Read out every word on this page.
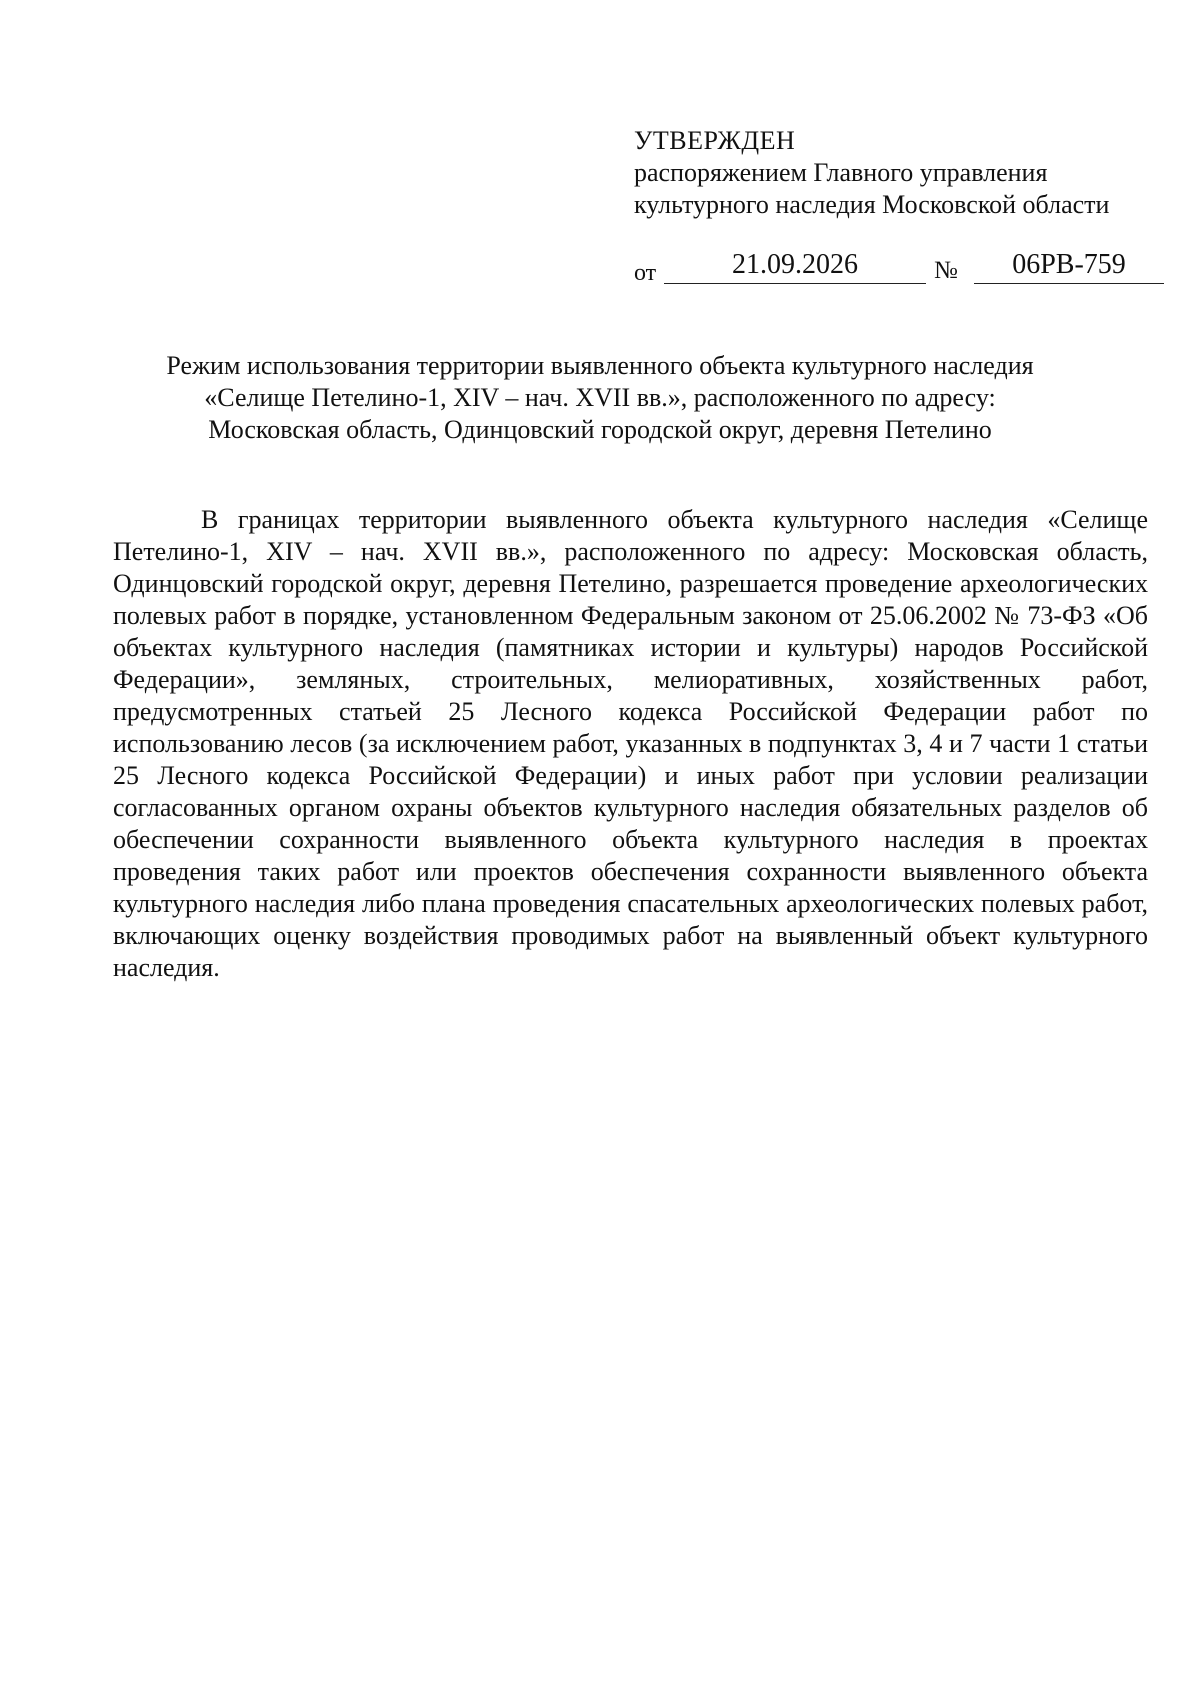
УТВЕРЖДЕН
распоряжением Главного управления
культурного наследия Московской области
от	21.09.2026	№	06РВ-759
Режим использования территории выявленного объекта культурного наследия
«Селище Петелино-1, XIV – нач. XVII вв.», расположенного по адресу:
Московская область, Одинцовский городской округ, деревня Петелино

В границах территории выявленного объекта культурного наследия «Селище Петелино-1, XIV – нач. XVII вв.», расположенного по адресу: Московская область, Одинцовский городской округ, деревня Петелино, разрешается проведение археологических полевых работ в порядке, установленном Федеральным законом от 25.06.2002 № 73-ФЗ «Об объектах культурного наследия (памятниках истории и культуры) народов Российской Федерации», земляных, строительных, мелиоративных, хозяйственных работ, предусмотренных статьей 25 Лесного кодекса Российской Федерации работ по использованию лесов (за исключением работ, указанных в подпунктах 3, 4 и 7 части 1 статьи 25 Лесного кодекса Российской Федерации) и иных работ при условии реализации согласованных органом охраны объектов культурного наследия обязательных разделов об обеспечении сохранности выявленного объекта культурного наследия в проектах проведения таких работ или проектов обеспечения сохранности выявленного объекта культурного наследия либо плана проведения спасательных археологических полевых работ, включающих оценку воздействия проводимых работ на выявленный объект культурного наследия.
